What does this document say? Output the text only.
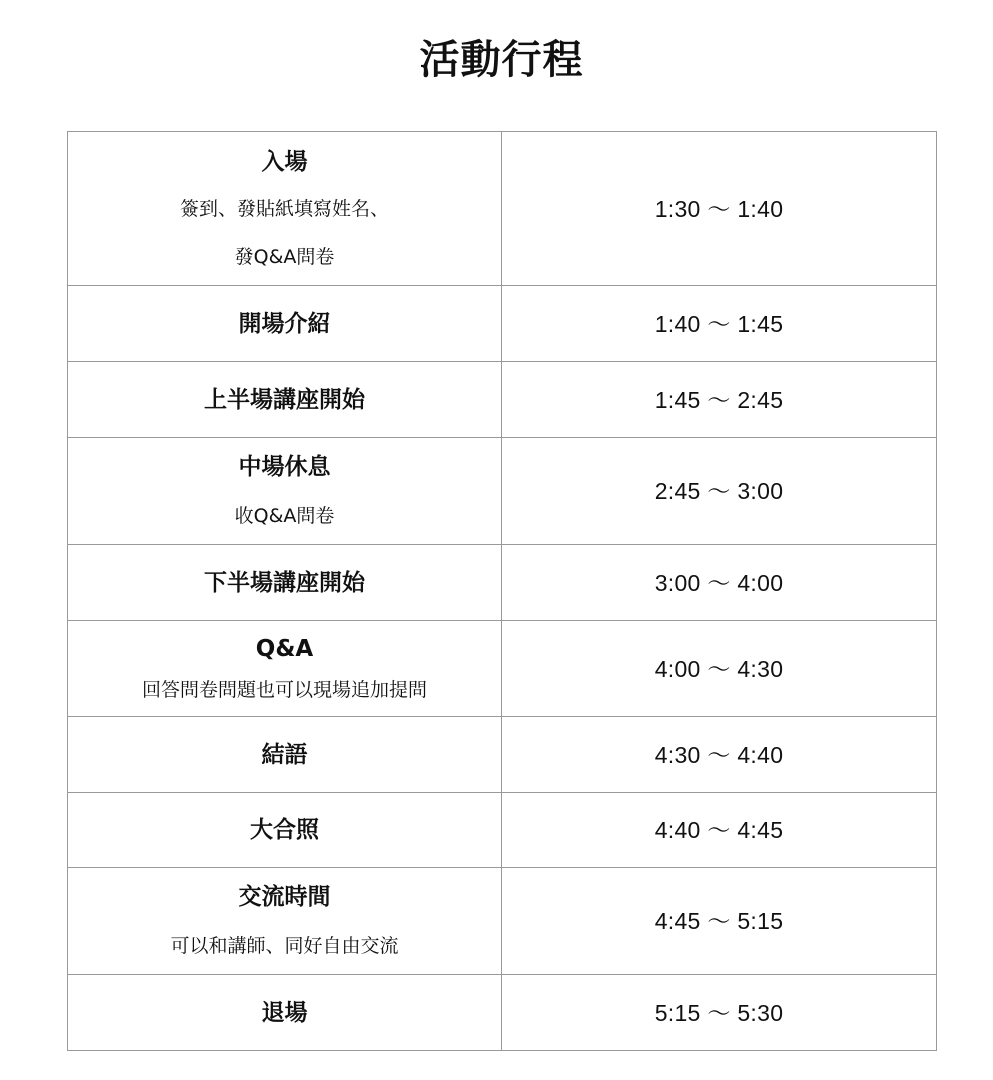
活動行程
入場
簽到、發貼紙填寫姓名、
發Q&A問卷	1:30 ～ 1:40

開場介紹	1:40 ～ 1:45

上半場講座開始	1:45 ～ 2:45

中場休息
收Q&A問卷	2:45 ～ 3:00

下半場講座開始	3:00 ～ 4:00

Q&A
回答問卷問題也可以現場追加提問	4:00 ～ 4:30

結語	4:30 ～ 4:40

大合照	4:40 ～ 4:45

交流時間
可以和講師、同好自由交流	4:45 ～ 5:15

退場	5:15 ～ 5:30
